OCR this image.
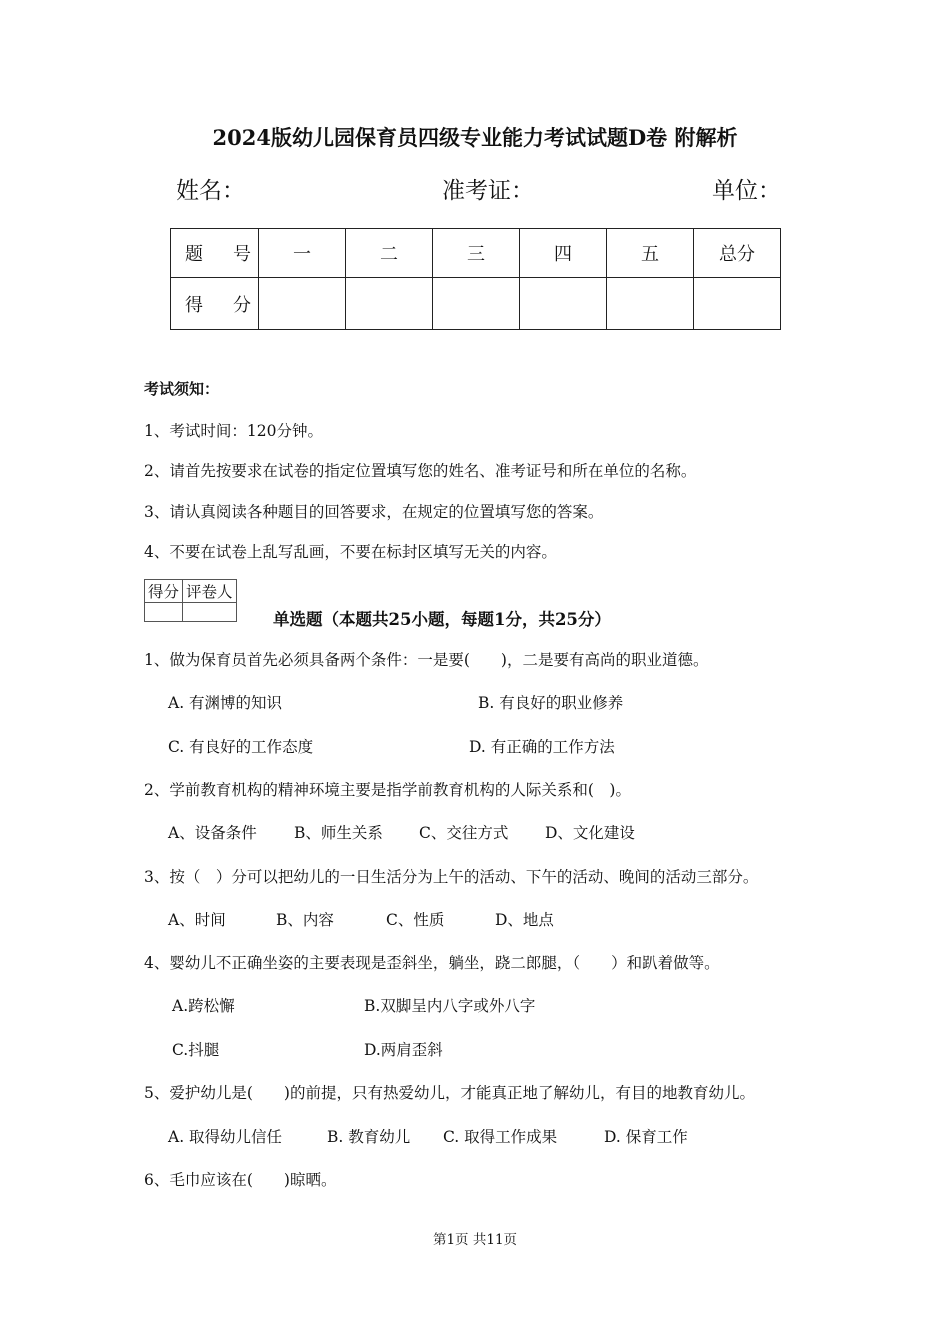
2024版幼儿园保育员四级专业能力考试试题D卷 附解析
姓名：	准考证：	单位：
题　号	一	二	三	四	五	总分
得　分						
考试须知：
1、考试时间：120分钟。
2、请首先按要求在试卷的指定位置填写您的姓名、准考证号和所在单位的名称。
3、请认真阅读各种题目的回答要求，在规定的位置填写您的答案。
4、不要在试卷上乱写乱画，不要在标封区填写无关的内容。
得分	评卷人

单选题（本题共25小题，每题1分，共25分）
1、做为保育员首先必须具备两个条件：一是要(　　)，二是要有高尚的职业道德。
A. 有渊博的知识	B. 有良好的职业修养
C. 有良好的工作态度	D. 有正确的工作方法
2、学前教育机构的精神环境主要是指学前教育机构的人际关系和(　)。
A、设备条件 B、师生关系 C、交往方式 D、文化建设
3、按（　）分可以把幼儿的一日生活分为上午的活动、下午的活动、晚间的活动三部分。
A、时间	B、内容	C、性质	D、地点
4、婴幼儿不正确坐姿的主要表现是歪斜坐，躺坐，跷二郎腿，（　　）和趴着做等。
A.跨松懈	B.双脚呈内八字或外八字
C.抖腿	D.两肩歪斜
5、爱护幼儿是(　　)的前提，只有热爱幼儿，才能真正地了解幼儿，有目的地教育幼儿。
A. 取得幼儿信任	B. 教育幼儿 C. 取得工作成果	D. 保育工作
6、毛巾应该在(　　)晾晒。
第1页 共11页
